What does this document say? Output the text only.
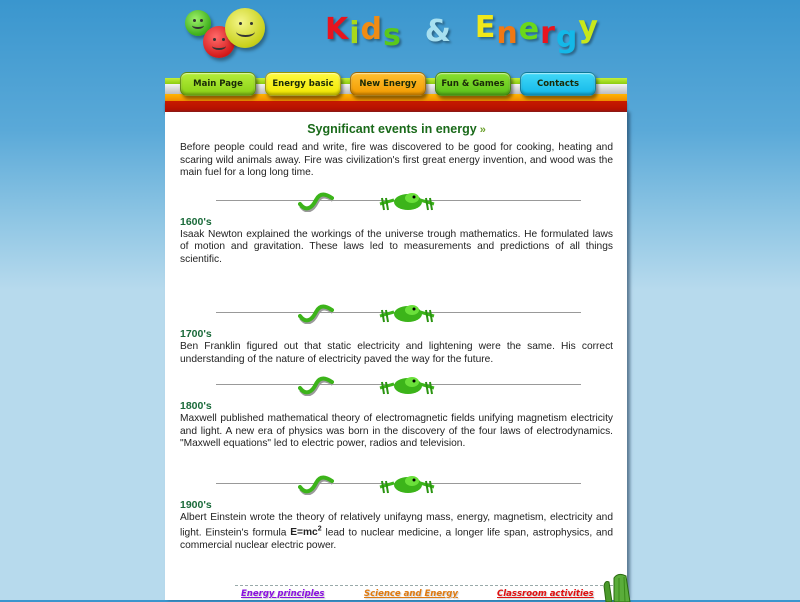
Kids & Energy
Main Page	Energy basic	New Energy	Fun & Games	Contacts
Sygnificant events in energy »

Before people could read and write, fire was discovered to be good for cooking, heating and scaring wild animals away. Fire was civilization's first great energy invention, and wood was the main fuel for a long long time.

1600's

Isaak Newton explained the workings of the universe trough mathematics. He formulated laws of motion and gravitation. These laws led to measurements and predictions of all things scientific.

1700's

Ben Franklin figured out that static electricity and lightening were the same. His correct understanding of the nature of electricity paved the way for the future.

1800's

Maxwell published mathematical theory of electromagnetic fields unifying magnetism electricity and light. A new era of physics was born in the discovery of the four laws of electrodynamics. "Maxwell equations" led to electric power, radios and television.

1900's

Albert Einstein wrote the theory of relatively unifayng mass, energy, magnetism, electricity and light. Einstein's formula $E=mc^2$ lead to nuclear medicine, a longer life span, astrophysics, and commercial nuclear electric power.

Energy principles	Science and Energy	Classroom activities
